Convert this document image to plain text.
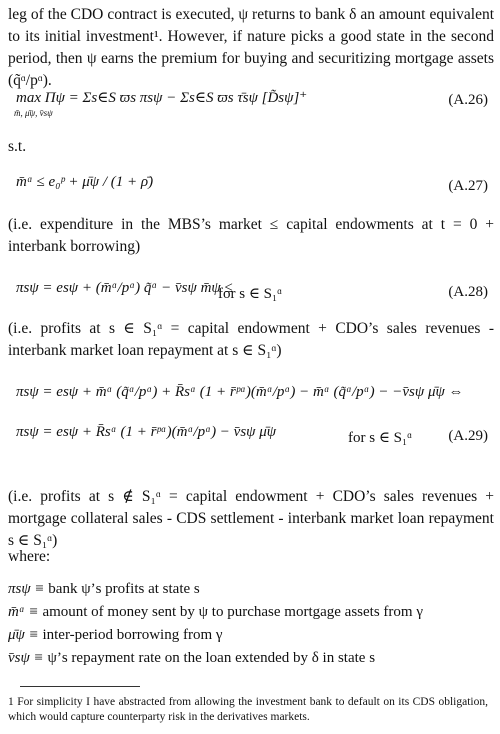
leg of the CDO contract is executed, ψ returns to bank δ an amount equivalent to its initial investment¹. However, if nature picks a good state in the second period, then ψ earns the premium for buying and securitizing mortgage assets (q̃ᵅ/pᵅ).
max Πψ = Σs∈S ϖs πsψ − Σs∈S ϖs τ̄sψ [D̃sψ]⁺	(A.26)
m̄, μ̄ψ, v̄sψ
s.t.
m̄ᵅ ≤ e₀ᵖ + μ̄ψ / (1 + ρ̄)	(A.27)
(i.e. expenditure in the MBS’s market ≤ capital endowments at t = 0 + interbank borrowing)
πsψ = esψ + (m̄ᵅ/pᵅ) q̃ᵅ − v̄sψ m̄ψ ≤
for s ∈ S₁ᵅ	(A.28)
(i.e. profits at s ∈ S₁ᵅ = capital endowment + CDO’s sales revenues - interbank market loan repayment at s ∈ S₁ᵅ)
πsψ = esψ + m̄ᵅ (q̃ᵅ/pᵅ) + R̄sᵅ (1 + r̄ᵖᵅ)(m̄ᵅ/pᵅ) − m̄ᵅ (q̃ᵅ/pᵅ) − −v̄sψ μ̄ψ ⇔
πsψ = esψ + R̄sᵅ (1 + r̄ᵖᵅ)(m̄ᵅ/pᵅ) − v̄sψ μ̄ψ	for s ∈ S₁ᵅ (A.29)
(i.e. profits at s ∉ S₁ᵅ = capital endowment + CDO’s sales revenues + mortgage collateral sales - CDS settlement - interbank market loan repayment s ∈ S₁ᵅ)
where:
πsψ ≡ bank ψ’s profits at state s
m̄ᵅ ≡ amount of money sent by ψ to purchase mortgage assets from γ
μ̄ψ ≡ inter-period borrowing from γ
v̄sψ ≡ ψ’s repayment rate on the loan extended by δ in state s
1 For simplicity I have abstracted from allowing the investment bank to default on its CDS obligation, which would capture counterparty risk in the derivatives markets.
